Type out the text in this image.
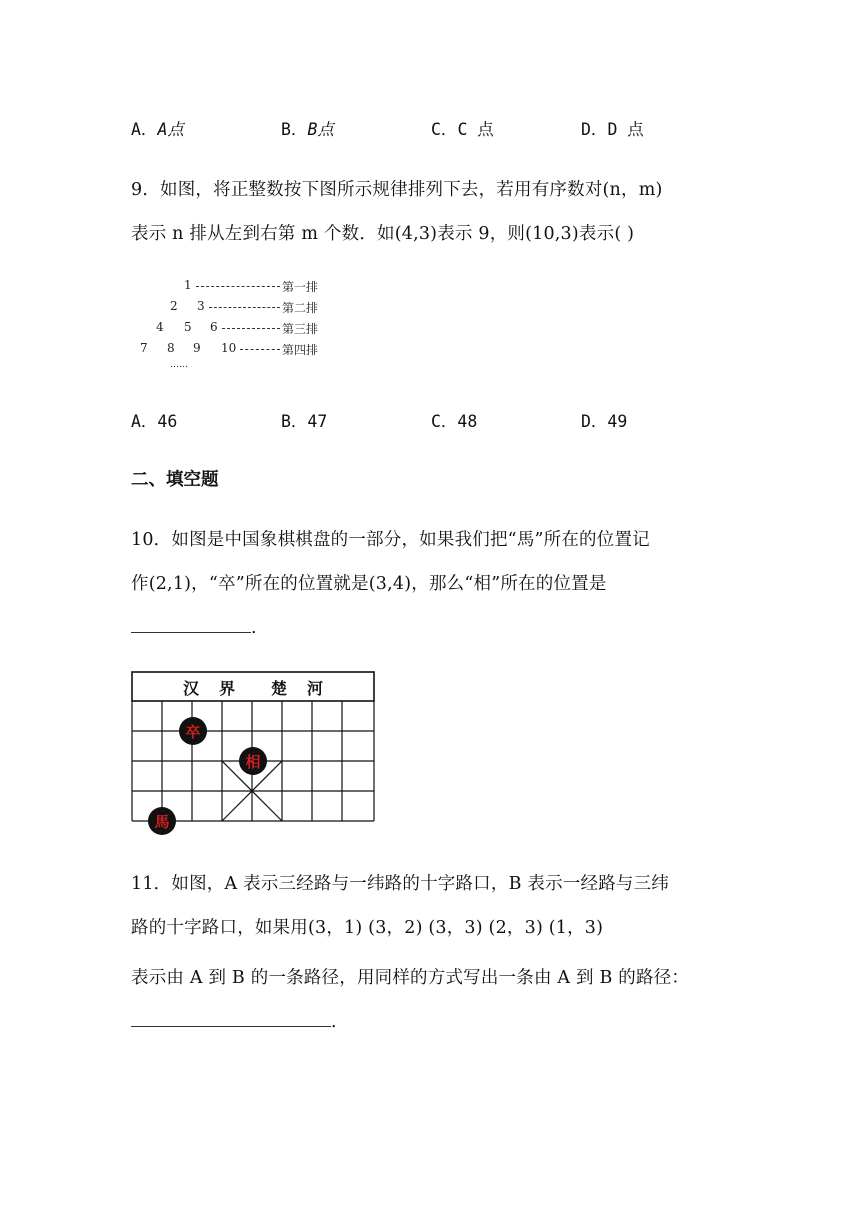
A．A点	B．B点	C．C 点	D．D 点
9．如图，将正整数按下图所示规律排列下去，若用有序数对(n，m)
表示 n 排从左到右第 m 个数．如(4,3)表示 9，则(10,3)表示( )
1	第一排
2 3	第二排
4 5 6	第三排
7 8 9 10	第四排
……
A．46	B．47	C．48	D．49
二、填空题
10．如图是中国象棋棋盘的一部分，如果我们把“馬”所在的位置记
作(2,1)，“卒”所在的位置就是(3,4)，那么“相”所在的位置是
.
汉 界 楚 河
卒
相
馬
11．如图，A 表示三经路与一纬路的十字路口，B 表示一经路与三纬
路的十字路口，如果用(3，1) (3，2) (3，3) (2，3) (1，3)
表示由 A 到 B 的一条路径，用同样的方式写出一条由 A 到 B 的路径：
.
